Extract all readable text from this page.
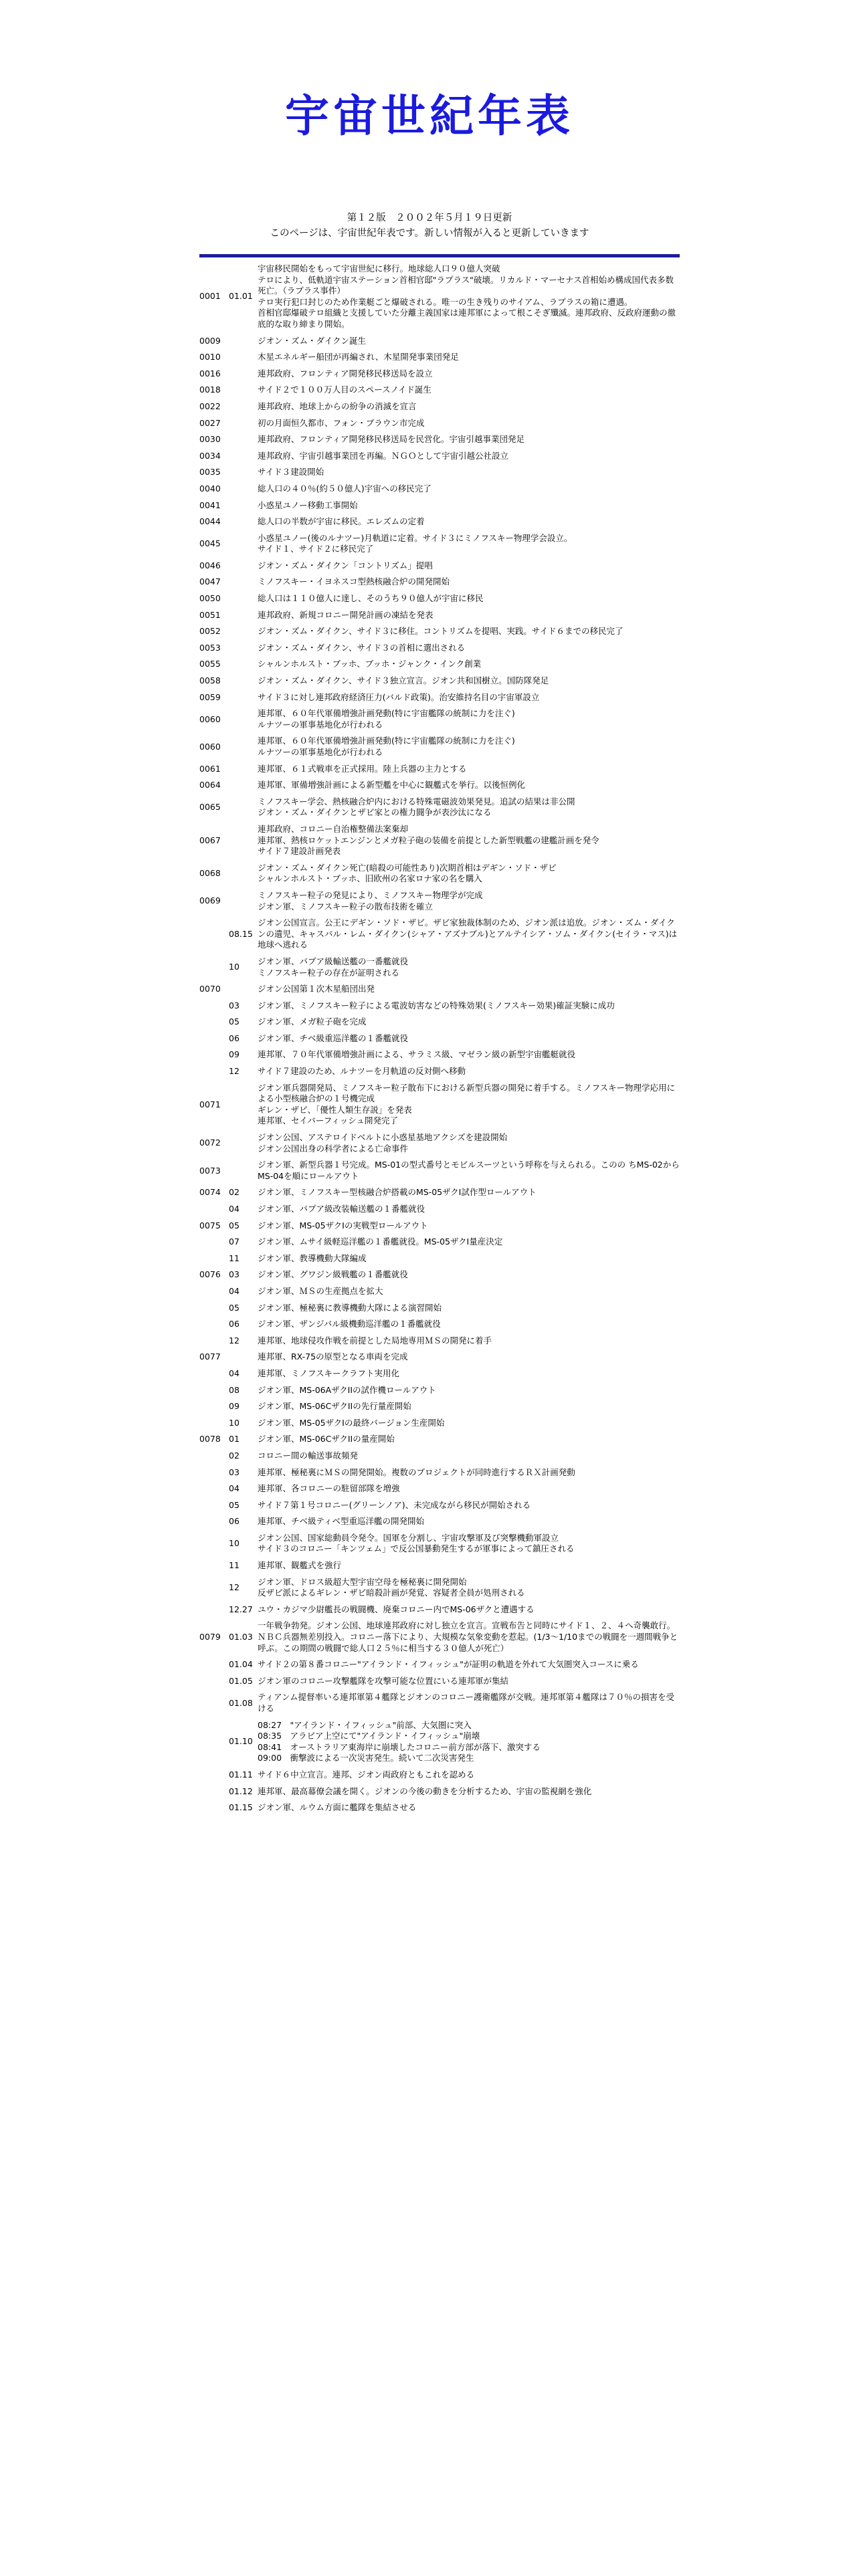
宇宙世紀年表
第１２版　２００２年５月１９日更新
このページは、宇宙世紀年表です。新しい情報が入ると更新していきます
0001	01.01	宇宙移民開始をもって宇宙世紀に移行。地球総人口９０億人突破
テロにより、低軌道宇宙ステーション首相官邸"ラプラス"破壊。リカルド・マーセナス首相始め構成国代表多数死亡。（ラプラス事件）
テロ実行犯口封じのため作業艇ごと爆破される。唯一の生き残りのサイアム、ラプラスの箱に遭遇。
首相官邸爆破テロ組織と支援していた分離主義国家は連邦軍によって根こそぎ殲滅。連邦政府、反政府運動の徹底的な取り締まり開始。

0009		ジオン・ズム・ダイクン誕生

0010		木星エネルギー船団が再編され、木星開発事業団発足

0016		連邦政府、フロンティア開発移民移送局を設立

0018		サイド２で１００万人目のスペースノイド誕生

0022		連邦政府、地球上からの紛争の消滅を宣言

0027		初の月面恒久都市、フォン・ブラウン市完成

0030		連邦政府、フロンティア開発移民移送局を民営化。宇宙引越事業団発足

0034		連邦政府、宇宙引越事業団を再編。ＮＧＯとして宇宙引越公社設立

0035		サイド３建設開始

0040		総人口の４０％(約５０億人)宇宙への移民完了

0041		小惑星ユノー移動工事開始

0044		総人口の半数が宇宙に移民。エレズムの定着

0045		小惑星ユノー(後のルナツー)月軌道に定着。サイド３にミノフスキー物理学会設立。
サイド１、サイド２に移民完了

0046		ジオン・ズム・ダイクン「コントリズム」提唱

0047		ミノフスキー・イヨネスコ型熱核融合炉の開発開始

0050		総人口は１１０億人に達し、そのうち９０億人が宇宙に移民

0051		連邦政府、新規コロニー開発計画の凍結を発表

0052		ジオン・ズム・ダイクン、サイド３に移住。コントリズムを提唱、実践。サイド６までの移民完了

0053		ジオン・ズム・ダイクン、サイド３の首相に選出される

0055		シャルンホルスト・ブッホ、ブッホ・ジャンク・インク創業

0058		ジオン・ズム・ダイクン、サイド３独立宣言。ジオン共和国樹立。国防隊発足

0059		サイド３に対し連邦政府経済圧力(バルド政策)。治安維持名目の宇宙軍設立

0060		連邦軍、６０年代軍備増強計画発動(特に宇宙艦隊の統制に力を注ぐ)
ルナツーの軍事基地化が行われる

0060		連邦軍、６０年代軍備増強計画発動(特に宇宙艦隊の統制に力を注ぐ)
ルナツーの軍事基地化が行われる

0061		連邦軍、６１式戦車を正式採用。陸上兵器の主力とする

0064		連邦軍、軍備増強計画による新型艦を中心に観艦式を挙行。以後恒例化

0065		ミノフスキー学会、熱核融合炉内における特殊電磁波効果発見。追試の結果は非公開
ジオン・ズム・ダイクンとザビ家との権力闘争が表沙汰になる

0067		連邦政府、コロニー自治権整備法案棄却
連邦軍、熱核ロケットエンジンとメガ粒子砲の装備を前提とした新型戦艦の建艦計画を発令
サイド７建設計画発表

0068		ジオン・ズム・ダイクン死亡(暗殺の可能性あり)次期首相はデギン・ソド・ザビ
シャルンホルスト・ブッホ、旧欧州の名家ロナ家の名を購入

0069		ミノフスキー粒子の発見により、ミノフスキー物理学が完成
ジオン軍、ミノフスキー粒子の散布技術を確立

	08.15	ジオン公国宣言。公王にデギン・ソド・ザビ。ザビ家独裁体制のため、ジオン派は追放。ジオン・ズム・ダイクンの遺児、キャスバル・レム・ダイクン(シャア・アズナブル)とアルテイシア・ソム・ダイクン(セイラ・マス)は地球へ逃れる

	10	ジオン軍、パプア級輸送艦の一番艦就役
ミノフスキー粒子の存在が証明される

0070		ジオン公国第１次木星船団出発

	03	ジオン軍、ミノフスキー粒子による電波妨害などの特殊効果(ミノフスキー効果)確証実験に成功

	05	ジオン軍、メガ粒子砲を完成

	06	ジオン軍、チベ級重巡洋艦の１番艦就役

	09	連邦軍、７０年代軍備増強計画による、サラミス級、マゼラン級の新型宇宙艦艇就役

	12	サイド７建設のため、ルナツーを月軌道の反対側へ移動

0071		ジオン軍兵器開発局、ミノフスキー粒子散布下における新型兵器の開発に着手する。ミノフスキー物理学応用による小型核融合炉の１号機完成
ギレン・ザビ、「優性人類生存説」を発表
連邦軍、セイバーフィッシュ開発完了

0072		ジオン公国、アステロイドベルトに小惑星基地アクシズを建設開始
ジオン公国出身の科学者による亡命事件

0073		ジオン軍、新型兵器１号完成。MS-01の型式番号とモビルスーツという呼称を与えられる。このの ちMS-02からMS-04を順にロールアウト

0074	02	ジオン軍、ミノフスキー型核融合炉搭載のMS-05ザクI試作型ロールアウト

	04	ジオン軍、パプア級改装輸送艦の１番艦就役

0075	05	ジオン軍、MS-05ザクIの実戦型ロールアウト

	07	ジオン軍、ムサイ級軽巡洋艦の１番艦就役。MS-05ザクI量産決定

	11	ジオン軍、教導機動大隊編成

0076	03	ジオン軍、グワジン級戦艦の１番艦就役

	04	ジオン軍、ＭＳの生産拠点を拡大

	05	ジオン軍、極秘裏に教導機動大隊による演習開始

	06	ジオン軍、ザンジバル級機動巡洋艦の１番艦就役

	12	連邦軍、地球侵攻作戦を前提とした局地専用ＭＳの開発に着手

0077		連邦軍、RX-75の原型となる車両を完成

	04	連邦軍、ミノフスキークラフト実用化

	08	ジオン軍、MS-06AザクIIの試作機ロールアウト

	09	ジオン軍、MS-06CザクIIの先行量産開始

	10	ジオン軍、MS-05ザクIの最終バージョン生産開始

0078	01	ジオン軍、MS-06CザクIIの量産開始

	02	コロニー間の輸送事故頻発

	03	連邦軍、極秘裏にＭＳの開発開始。複数のプロジェクトが同時進行するＲＸ計画発動

	04	連邦軍、各コロニーの駐留部隊を増強

	05	サイド７第１号コロニー(グリーンノア)、未完成ながら移民が開始される

	06	連邦軍、チベ級ティベ型重巡洋艦の開発開始

	10	ジオン公国、国家総動員令発令。国軍を分割し、宇宙攻撃軍及び突撃機動軍設立
サイド３のコロニー「キンツェム」で反公国暴動発生するが軍事によって鎮圧される

	11	連邦軍、観艦式を強行

	12	ジオン軍、ドロス級超大型宇宙空母を極秘裏に開発開始
反ザビ派によるギレン・ザビ暗殺計画が発覚、容疑者全員が処刑される

	12.27	ユウ・カジマ少尉艦長の戦闘機、廃棄コロニー内でMS-06ザクと遭遇する

0079	01.03	一年戦争勃発。ジオン公国、地球連邦政府に対し独立を宣言。宣戦布告と同時にサイド１、２、４へ奇襲敢行。ＮＢＣ兵器無差別投入。コロニー落下により、大規模な気象変動を惹起。(1/3～1/10までの戦闘を一週間戦争と呼ぶ。この期間の戦闘で総人口２５％に相当する３０億人が死亡）

	01.04	サイド２の第８番コロニー"アイランド・イフィッシュ"が証明の軌道を外れて大気圏突入コースに乗る

	01.05	ジオン軍のコロニー攻撃艦隊を攻撃可能な位置にいる連邦軍が集結

	01.08	ティアンム提督率いる連邦軍第４艦隊とジオンのコロニー護衛艦隊が交戦。連邦軍第４艦隊は７０％の損害を受ける

	01.10	08:27　"アイランド・イフィッシュ"前部、大気圏に突入
08:35　アラビア上空にて"アイランド・イフィッシュ"崩壊
08:41　オーストラリア東海岸に崩壊したコロニー前方部が落下、激突する
09:00　衝撃波による一次災害発生。続いて二次災害発生

	01.11	サイド６中立宣言。連邦、ジオン両政府ともこれを認める

	01.12	連邦軍、最高幕僚会議を開く。ジオンの今後の動きを分析するため、宇宙の監視網を強化

	01.15	ジオン軍、ルウム方面に艦隊を集結させる
